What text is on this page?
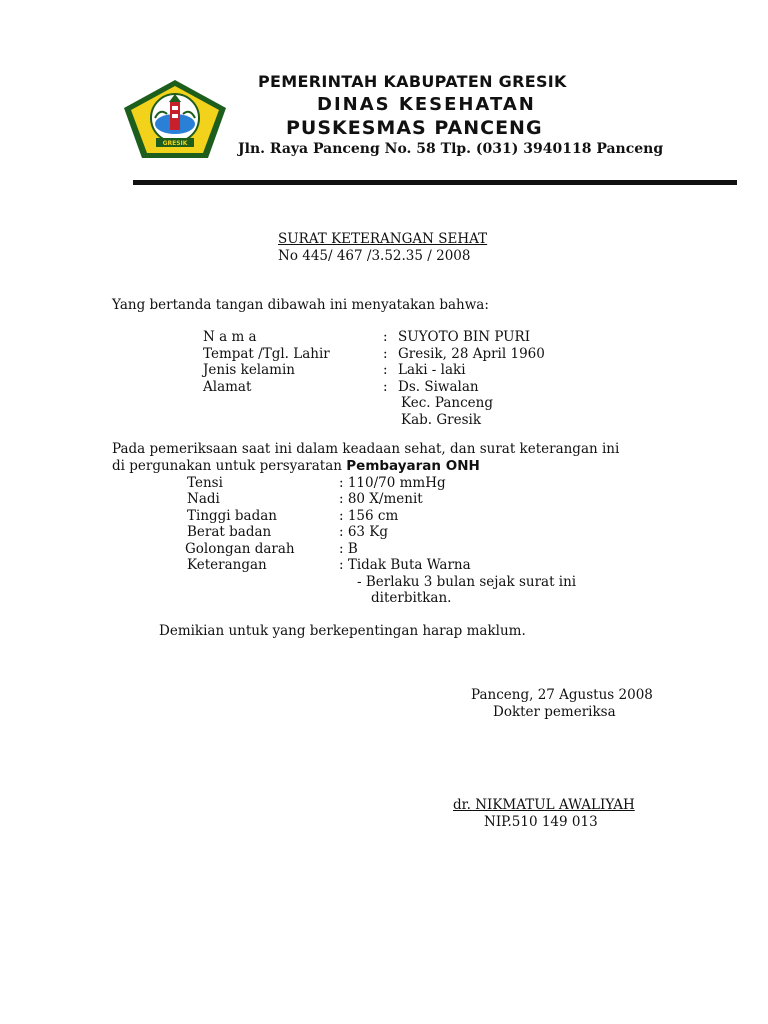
GRESIK
PEMERINTAH KABUPATEN GRESIK
DINAS KESEHATAN
PUSKESMAS PANCENG
Jln. Raya Panceng No. 58 Tlp. (031) 3940118 Panceng
SURAT KETERANGAN SEHAT
No 445/ 467 /3.52.35 / 2008
Yang bertanda tangan dibawah ini menyatakan bahwa:
N a m a	: SUYOTO BIN PURI
Tempat /Tgl. Lahir	: Gresik, 28 April 1960
Jenis kelamin	: Laki - laki
Alamat	: Ds. Siwalan
Kec. Panceng
Kab. Gresik
Pada pemeriksaan saat ini dalam keadaan sehat, dan surat keterangan ini
di pergunakan untuk persyaratan Pembayaran ONH
Tensi	: 110/70 mmHg
Nadi	: 80 X/menit
Tinggi badan	: 156 cm
Berat badan	: 63 Kg
Golongan darah	: B
Keterangan	: Tidak Buta Warna
- Berlaku 3 bulan sejak surat ini
diterbitkan.
Demikian untuk yang berkepentingan harap maklum.
Panceng, 27 Agustus 2008
Dokter pemeriksa
dr. NIKMATUL AWALIYAH
NIP.510 149 013
